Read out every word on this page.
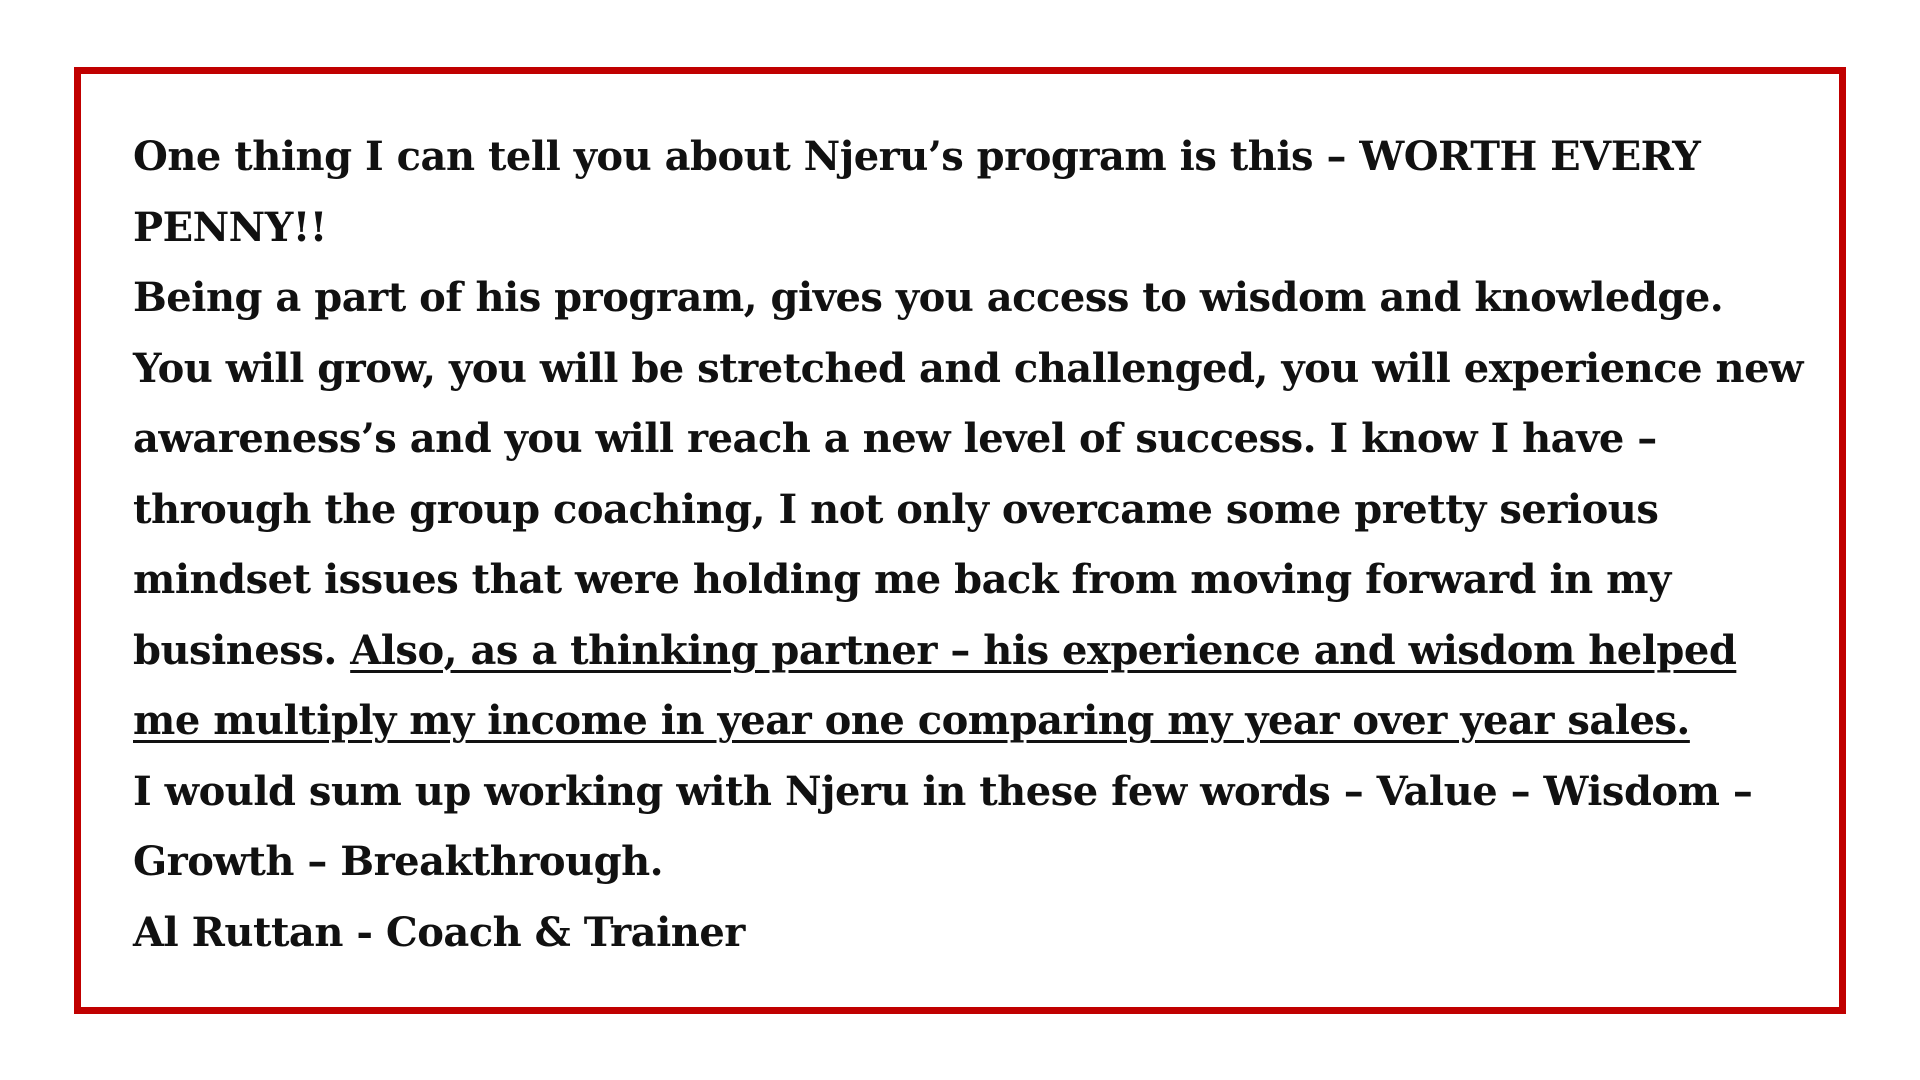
One thing I can tell you about Njeru’s program is this – WORTH EVERY PENNY!!

Being a part of his program, gives you access to wisdom and knowledge. You will grow, you will be stretched and challenged, you will experience new awareness’s and you will reach a new level of success. I know I have – through the group coaching, I not only overcame some pretty serious mindset issues that were holding me back from moving forward in my business. Also, as a thinking partner – his experience and wisdom helped me multiply my income in year one comparing my year over year sales.

I would sum up working with Njeru in these few words – Value – Wisdom – Growth – Breakthrough.

Al Ruttan - Coach & Trainer
